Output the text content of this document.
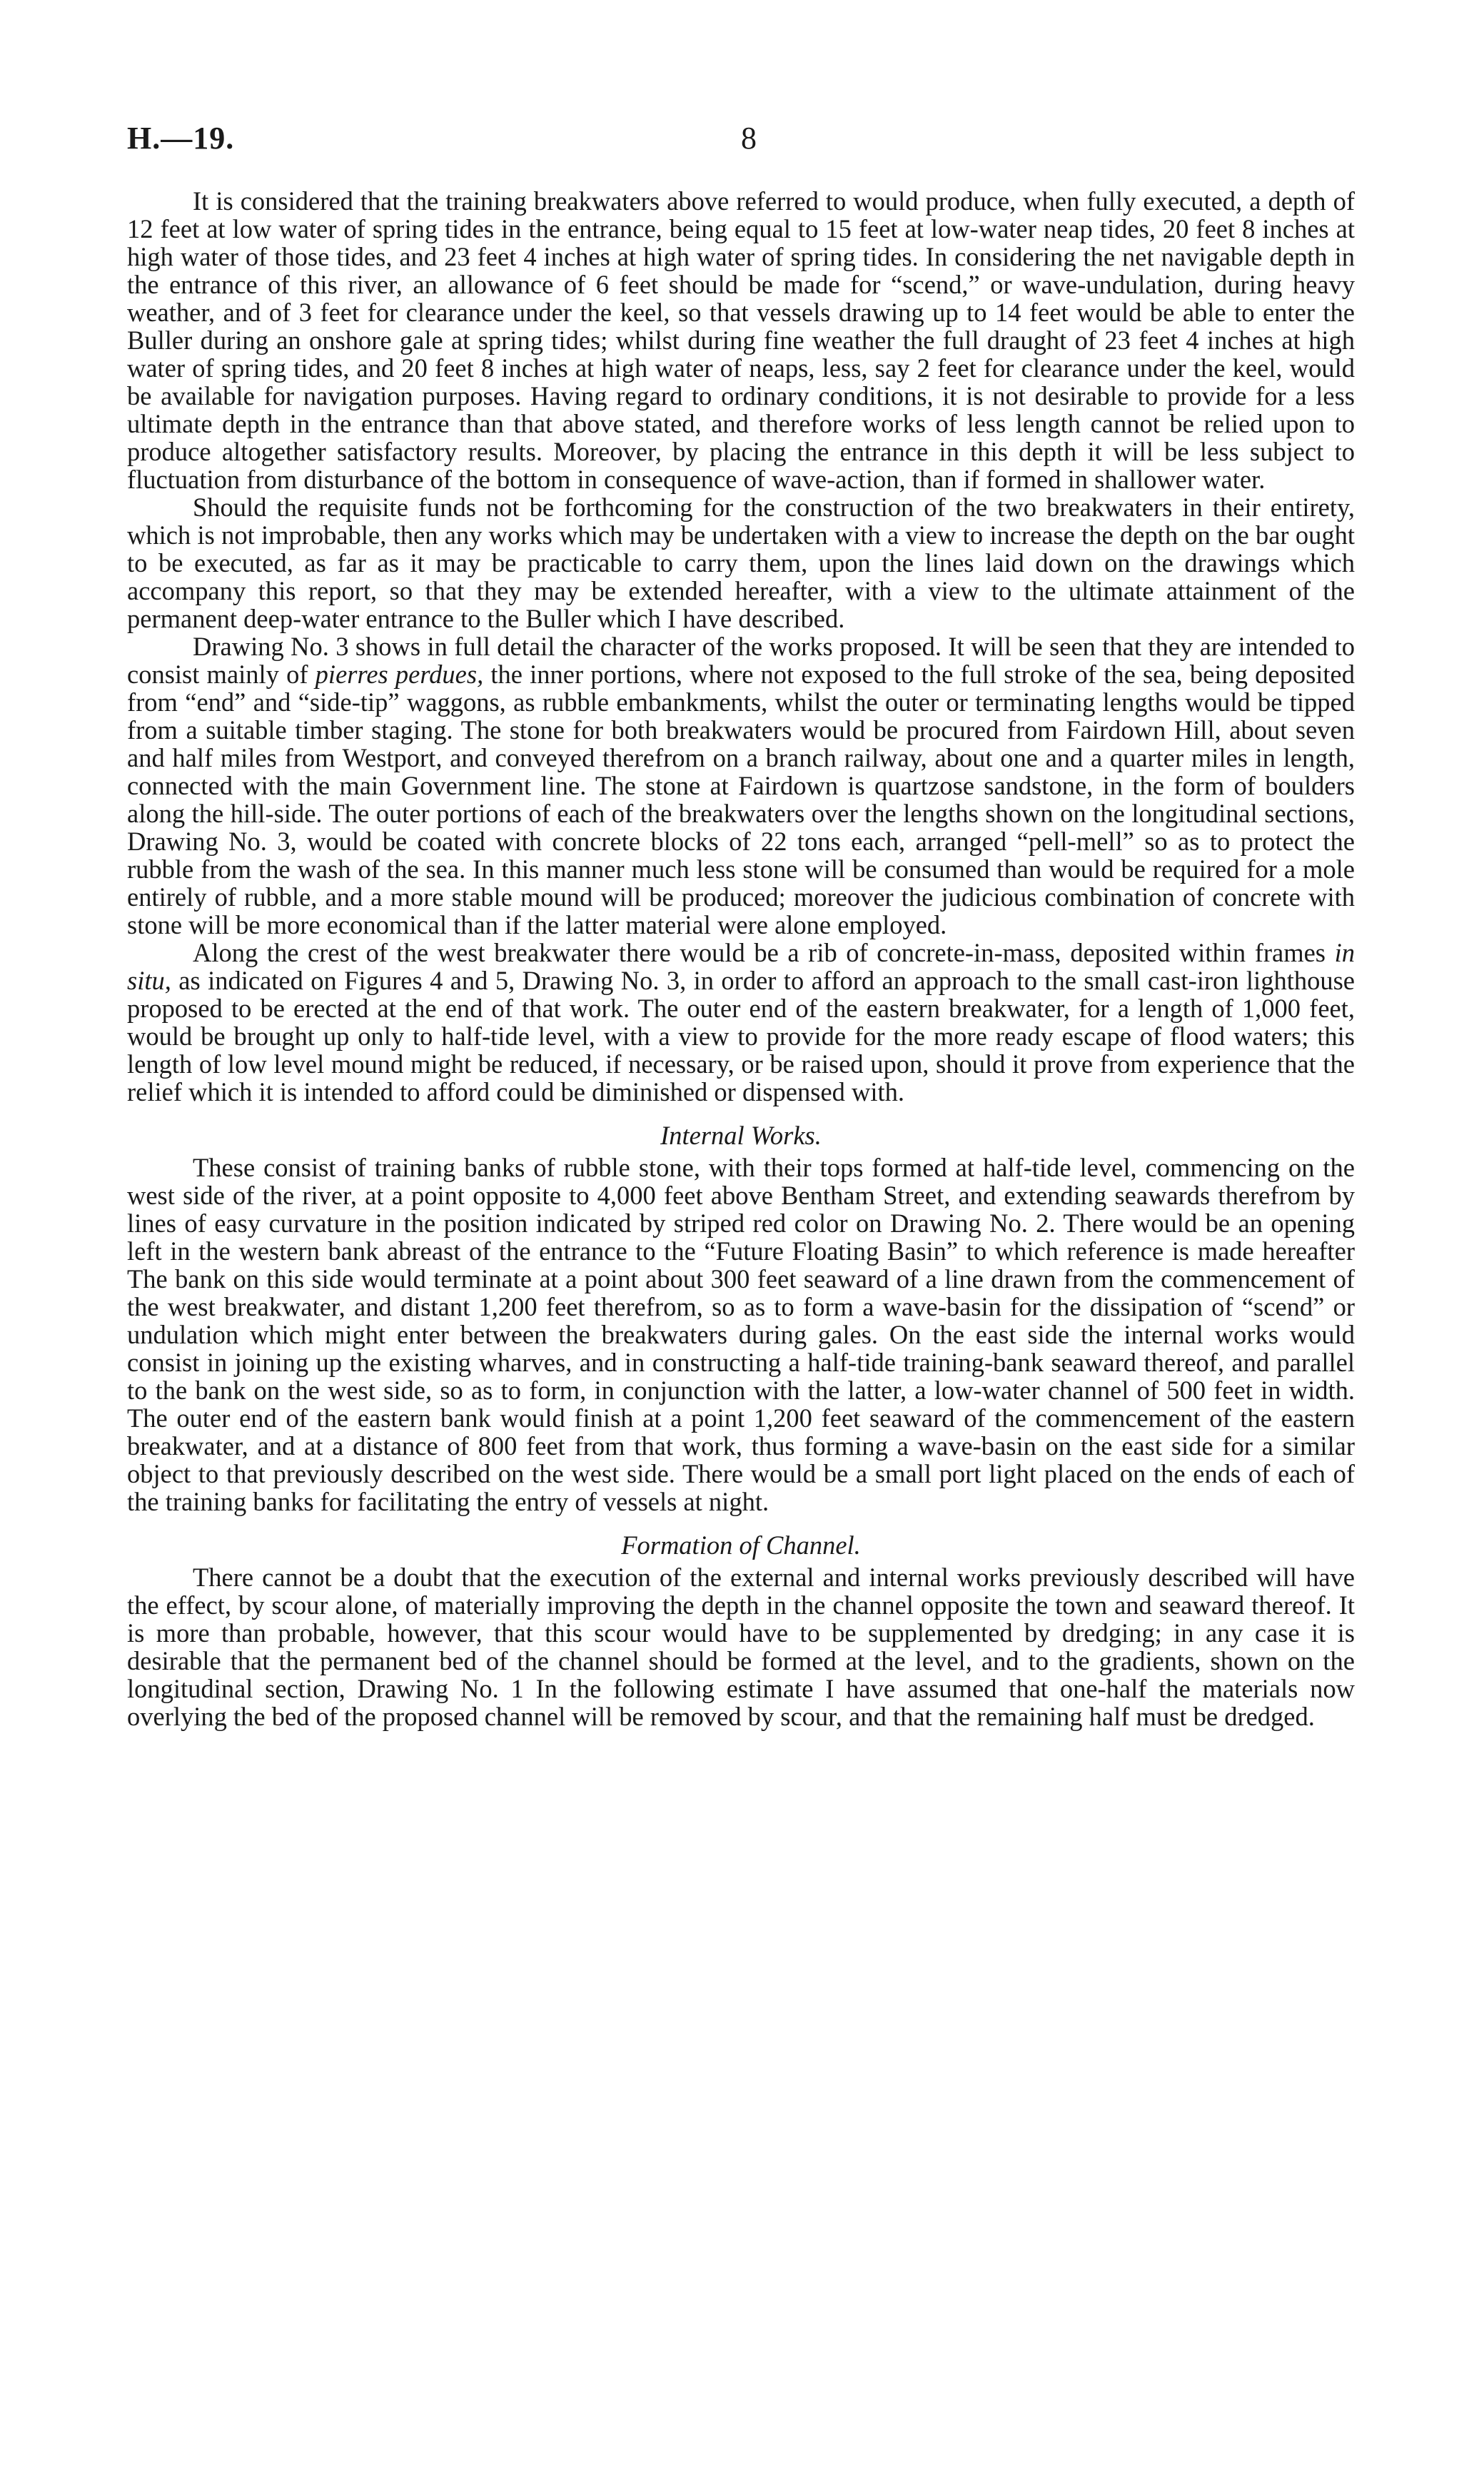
H.—19.	8

It is considered that the training breakwaters above referred to would produce, when fully executed, a depth of 12 feet at low water of spring tides in the entrance, being equal to 15 feet at low-water neap tides, 20 feet 8 inches at high water of those tides, and 23 feet 4 inches at high water of spring tides. In considering the net navigable depth in the entrance of this river, an allowance of 6 feet should be made for “scend,” or wave-undulation, during heavy weather, and of 3 feet for clearance under the keel, so that vessels drawing up to 14 feet would be able to enter the Buller during an onshore gale at spring tides; whilst during fine weather the full draught of 23 feet 4 inches at high water of spring tides, and 20 feet 8 inches at high water of neaps, less, say 2 feet for clearance under the keel, would be available for navigation purposes. Having regard to ordinary conditions, it is not desirable to provide for a less ultimate depth in the entrance than that above stated, and therefore works of less length cannot be relied upon to produce altogether satisfactory results. Moreover, by placing the entrance in this depth it will be less subject to fluctuation from disturbance of the bottom in consequence of wave-action, than if formed in shallower water.

Should the requisite funds not be forthcoming for the construction of the two breakwaters in their entirety, which is not improbable, then any works which may be undertaken with a view to increase the depth on the bar ought to be executed, as far as it may be practicable to carry them, upon the lines laid down on the drawings which accompany this report, so that they may be extended hereafter, with a view to the ultimate attainment of the permanent deep-water entrance to the Buller which I have described.

Drawing No. 3 shows in full detail the character of the works proposed. It will be seen that they are intended to consist mainly of pierres perdues, the inner portions, where not exposed to the full stroke of the sea, being deposited from “end” and “side-tip” waggons, as rubble embankments, whilst the outer or terminating lengths would be tipped from a suitable timber staging. The stone for both breakwaters would be procured from Fairdown Hill, about seven and half miles from Westport, and conveyed therefrom on a branch railway, about one and a quarter miles in length, connected with the main Government line. The stone at Fairdown is quartzose sandstone, in the form of boulders along the hill-side. The outer portions of each of the breakwaters over the lengths shown on the longitudinal sections, Drawing No. 3, would be coated with concrete blocks of 22 tons each, arranged “pell-mell” so as to protect the rubble from the wash of the sea. In this manner much less stone will be consumed than would be required for a mole entirely of rubble, and a more stable mound will be produced; moreover the judicious combination of concrete with stone will be more economical than if the latter material were alone employed.

Along the crest of the west breakwater there would be a rib of concrete-in-mass, deposited within frames in situ, as indicated on Figures 4 and 5, Drawing No. 3, in order to afford an approach to the small cast-iron lighthouse proposed to be erected at the end of that work. The outer end of the eastern breakwater, for a length of 1,000 feet, would be brought up only to half-tide level, with a view to provide for the more ready escape of flood waters; this length of low level mound might be reduced, if necessary, or be raised upon, should it prove from experience that the relief which it is intended to afford could be diminished or dispensed with.

Internal Works.

These consist of training banks of rubble stone, with their tops formed at half-tide level, commencing on the west side of the river, at a point opposite to 4,000 feet above Bentham Street, and extending seawards therefrom by lines of easy curvature in the position indicated by striped red color on Drawing No. 2. There would be an opening left in the western bank abreast of the entrance to the “Future Floating Basin” to which reference is made hereafter The bank on this side would terminate at a point about 300 feet seaward of a line drawn from the commencement of the west breakwater, and distant 1,200 feet therefrom, so as to form a wave-basin for the dissipation of “scend” or undulation which might enter between the breakwaters during gales. On the east side the internal works would consist in joining up the existing wharves, and in constructing a half-tide training-bank seaward thereof, and parallel to the bank on the west side, so as to form, in conjunction with the latter, a low-water channel of 500 feet in width. The outer end of the eastern bank would finish at a point 1,200 feet seaward of the commencement of the eastern breakwater, and at a distance of 800 feet from that work, thus forming a wave-basin on the east side for a similar object to that previously described on the west side. There would be a small port light placed on the ends of each of the training banks for facilitating the entry of vessels at night.

Formation of Channel.

There cannot be a doubt that the execution of the external and internal works previously described will have the effect, by scour alone, of materially improving the depth in the channel opposite the town and seaward thereof. It is more than probable, however, that this scour would have to be supplemented by dredging; in any case it is desirable that the permanent bed of the channel should be formed at the level, and to the gradients, shown on the longitudinal section, Drawing No. 1 In the following estimate I have assumed that one-half the materials now overlying the bed of the proposed channel will be removed by scour, and that the remaining half must be dredged.
